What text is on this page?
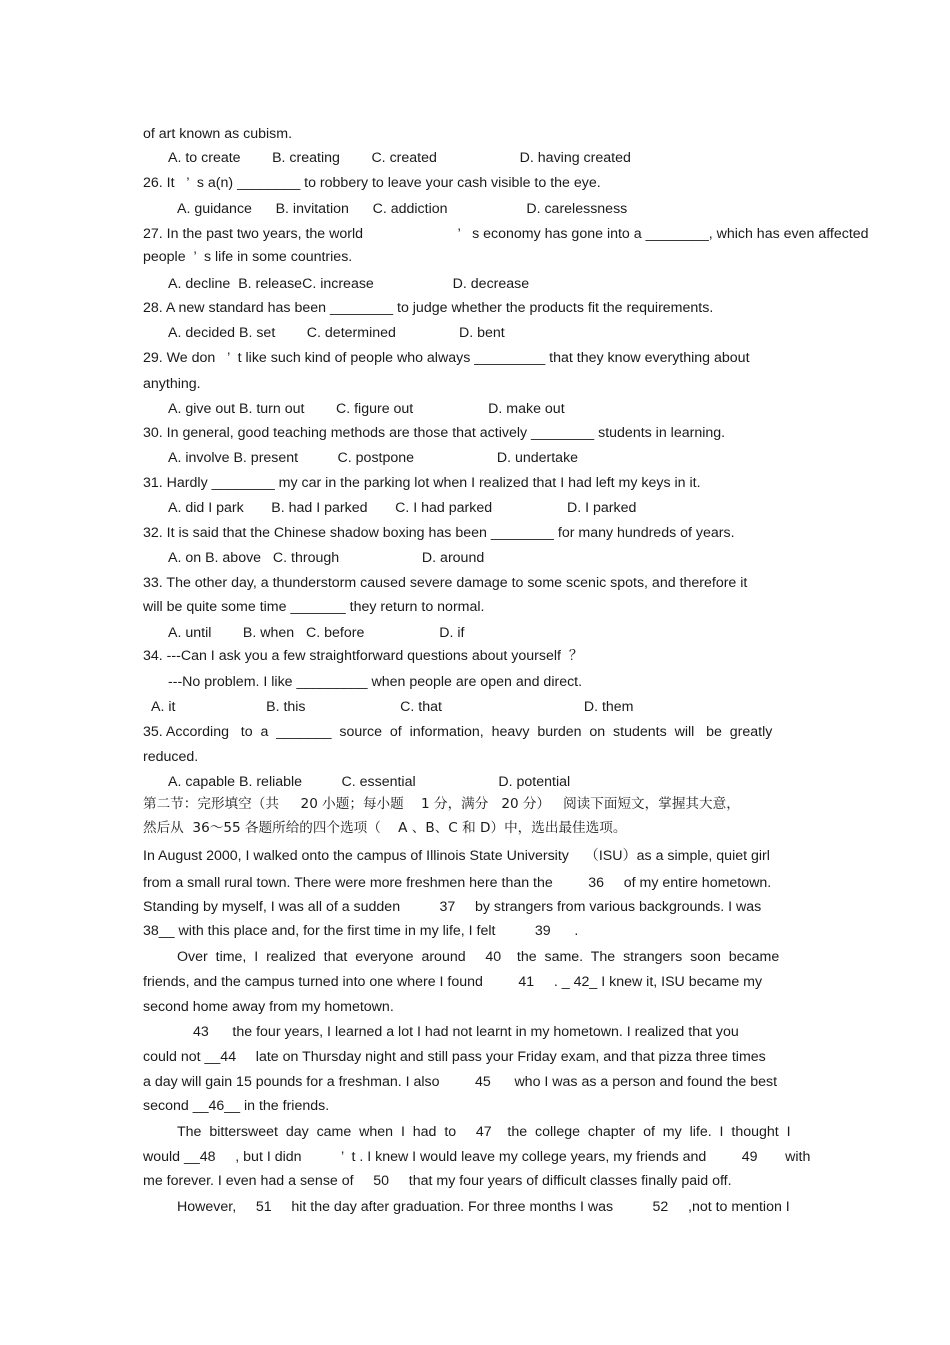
of art known as cubism.
A. to create        B. creating        C. created                     D. having created
26. It   ’  s a(n) ________ to robbery to leave your cash visible to the eye.
A. guidance      B. invitation      C. addiction                    D. carelessness
27. In the past two years, the world                        ’   s economy has gone into a ________, which has even affected
people  ’  s life in some countries.
A. decline  B. releaseC. increase                    D. decrease
28. A new standard has been ________ to judge whether the products fit the requirements.
A. decided B. set        C. determined                D. bent
29. We don   ’  t like such kind of people who always _________ that they know everything about
anything.
A. give out B. turn out        C. figure out                   D. make out
30. In general, good teaching methods are those that actively ________ students in learning.
A. involve B. present          C. postpone                     D. undertake
31. Hardly ________ my car in the parking lot when I realized that I had left my keys in it.
A. did I park       B. had I parked       C. I had parked                   D. I parked
32. It is said that the Chinese shadow boxing has been ________ for many hundreds of years.
A. on B. above   C. through                     D. around
33. The other day, a thunderstorm caused severe damage to some scenic spots, and therefore it
will be quite some time _______ they return to normal.
A. until        B. when   C. before                   D. if
34. ---Can I ask you a few straightforward questions about yourself  ？
---No problem. I like _________ when people are open and direct.
A. it                       B. this                        C. that                                    D. them
35. According   to  a  _______  source  of  information,  heavy  burden  on  students  will   be  greatly
reduced.
A. capable B. reliable          C. essential                     D. potential
第二节：完形填空（共     20 小题；每小题    1 分，满分   20 分）   阅读下面短文，掌握其大意，
然后从  36～55 各题所给的四个选项（    A 、B、C 和 D）中，选出最佳选项。
In August 2000, I walked onto the campus of Illinois State University    （ISU）as a simple, quiet girl
from a small rural town. There were more freshmen here than the         36     of my entire hometown.
Standing by myself, I was all of a sudden          37     by strangers from various backgrounds. I was
38__ with this place and, for the first time in my life, I felt          39      .
Over  time,  I  realized  that  everyone  around     40    the  same.  The  strangers  soon  became
friends, and the campus turned into one where I found         41     . _ 42_ I knew it, ISU became my
second home away from my hometown.
43      the four years, I learned a lot I had not learnt in my hometown. I realized that you
could not __44     late on Thursday night and still pass your Friday exam, and that pizza three times
a day will gain 15 pounds for a freshman. I also         45      who I was as a person and found the best
second __46__ in the friends.
The  bittersweet  day  came  when  I  had  to     47    the  college  chapter  of  my  life.  I  thought  I
would __48     , but I didn          ’  t . I knew I would leave my college years, my friends and         49       with
me forever. I even had a sense of     50     that my four years of difficult classes finally paid off.
However,     51     hit the day after graduation. For three months I was          52     ,not to mention I
